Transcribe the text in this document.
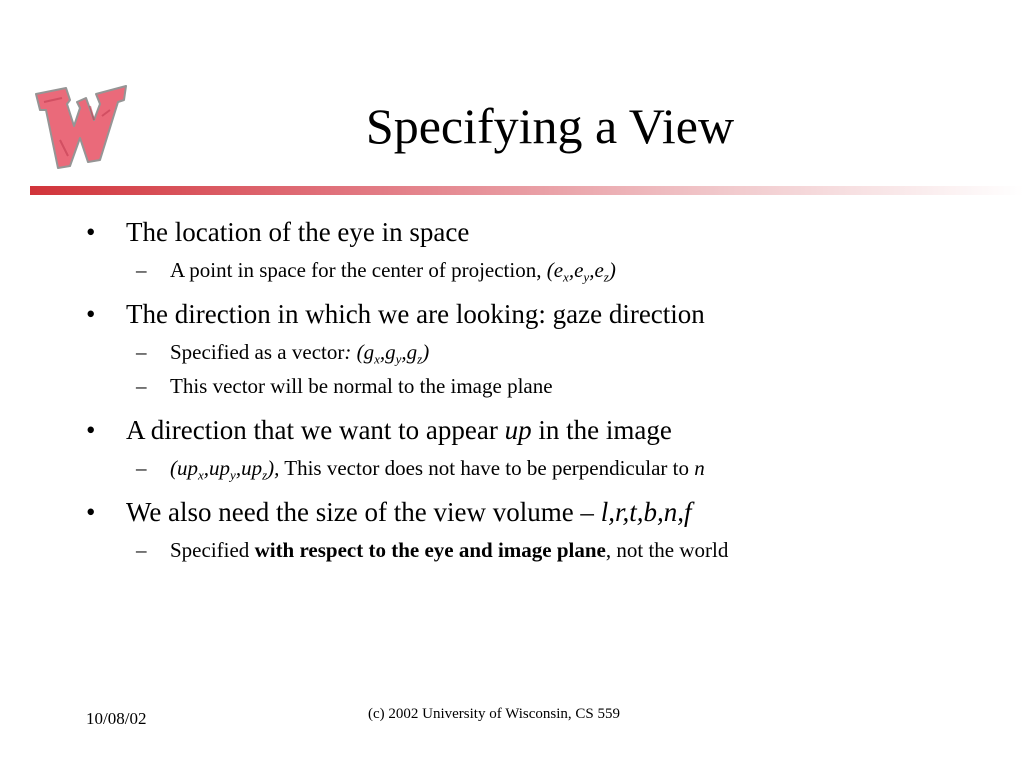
Specifying a View
• The location of the eye in space
– A point in space for the center of projection, $(e_x,e_y,e_z)$
• The direction in which we are looking: gaze direction
– Specified as a vector: $(g_x,g_y,g_z)$
– This vector will be normal to the image plane
• A direction that we want to appear up in the image
– $(up_x,up_y,up_z)$, This vector does not have to be perpendicular to n
• We also need the size of the view volume – l,r,t,b,n,f
– Specified with respect to the eye and image plane, not the world
10/08/02	(c) 2002 University of Wisconsin, CS 559
